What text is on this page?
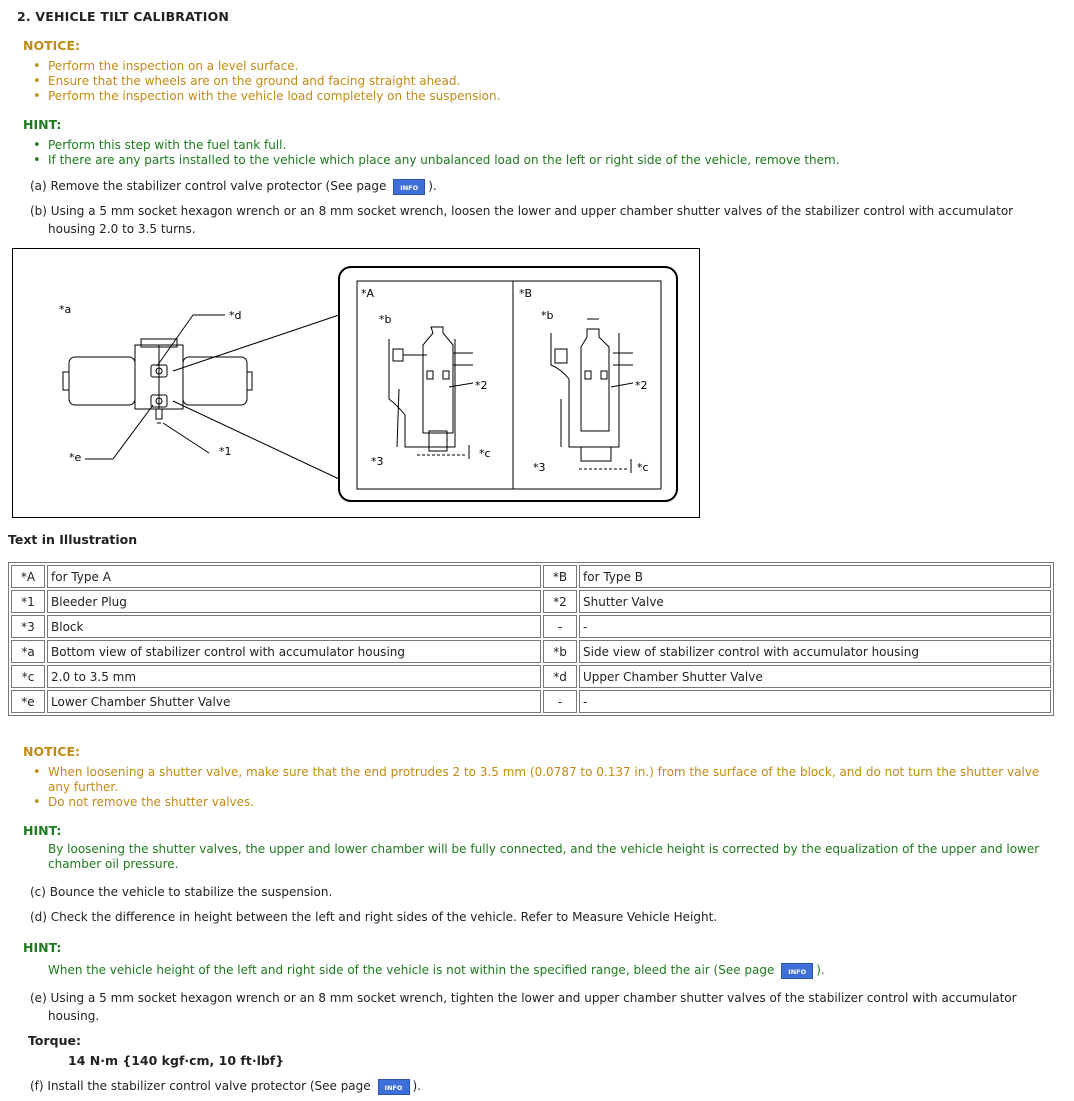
2. VEHICLE TILT CALIBRATION
NOTICE:
• Perform the inspection on a level surface.
• Ensure that the wheels are on the ground and facing straight ahead.
• Perform the inspection with the vehicle load completely on the suspension.
HINT:
• Perform this step with the fuel tank full.
• If there are any parts installed to the vehicle which place any unbalanced load on the left or right side of the vehicle, remove them.
(a) Remove the stabilizer control valve protector (See page INFO ).
(b) Using a 5 mm socket hexagon wrench or an 8 mm socket wrench, loosen the lower and upper chamber shutter valves of the stabilizer control with accumulator
housing 2.0 to 3.5 turns.
*a	*d
*e	*1
*A	*B
*b	*b
*2
*c
*3
*2
*c
*3
Text in Illustration
*A	for Type A	*B	for Type B
*1	Bleeder Plug	*2	Shutter Valve
*3	Block	-	-
*a	Bottom view of stabilizer control with accumulator housing	*b	Side view of stabilizer control with accumulator housing
*c	2.0 to 3.5 mm	*d	Upper Chamber Shutter Valve
*e	Lower Chamber Shutter Valve	-	-
NOTICE:
• When loosening a shutter valve, make sure that the end protrudes 2 to 3.5 mm (0.0787 to 0.137 in.) from the surface of the block, and do not turn the shutter valve
any further.
• Do not remove the shutter valves.
HINT:
By loosening the shutter valves, the upper and lower chamber will be fully connected, and the vehicle height is corrected by the equalization of the upper and lower
chamber oil pressure.
(c) Bounce the vehicle to stabilize the suspension.
(d) Check the difference in height between the left and right sides of the vehicle. Refer to Measure Vehicle Height.
HINT:
When the vehicle height of the left and right side of the vehicle is not within the specified range, bleed the air (See page INFO ).
(e) Using a 5 mm socket hexagon wrench or an 8 mm socket wrench, tighten the lower and upper chamber shutter valves of the stabilizer control with accumulator
housing.
Torque:
14 N·m {140 kgf·cm, 10 ft·lbf}
(f) Install the stabilizer control valve protector (See page INFO ).
